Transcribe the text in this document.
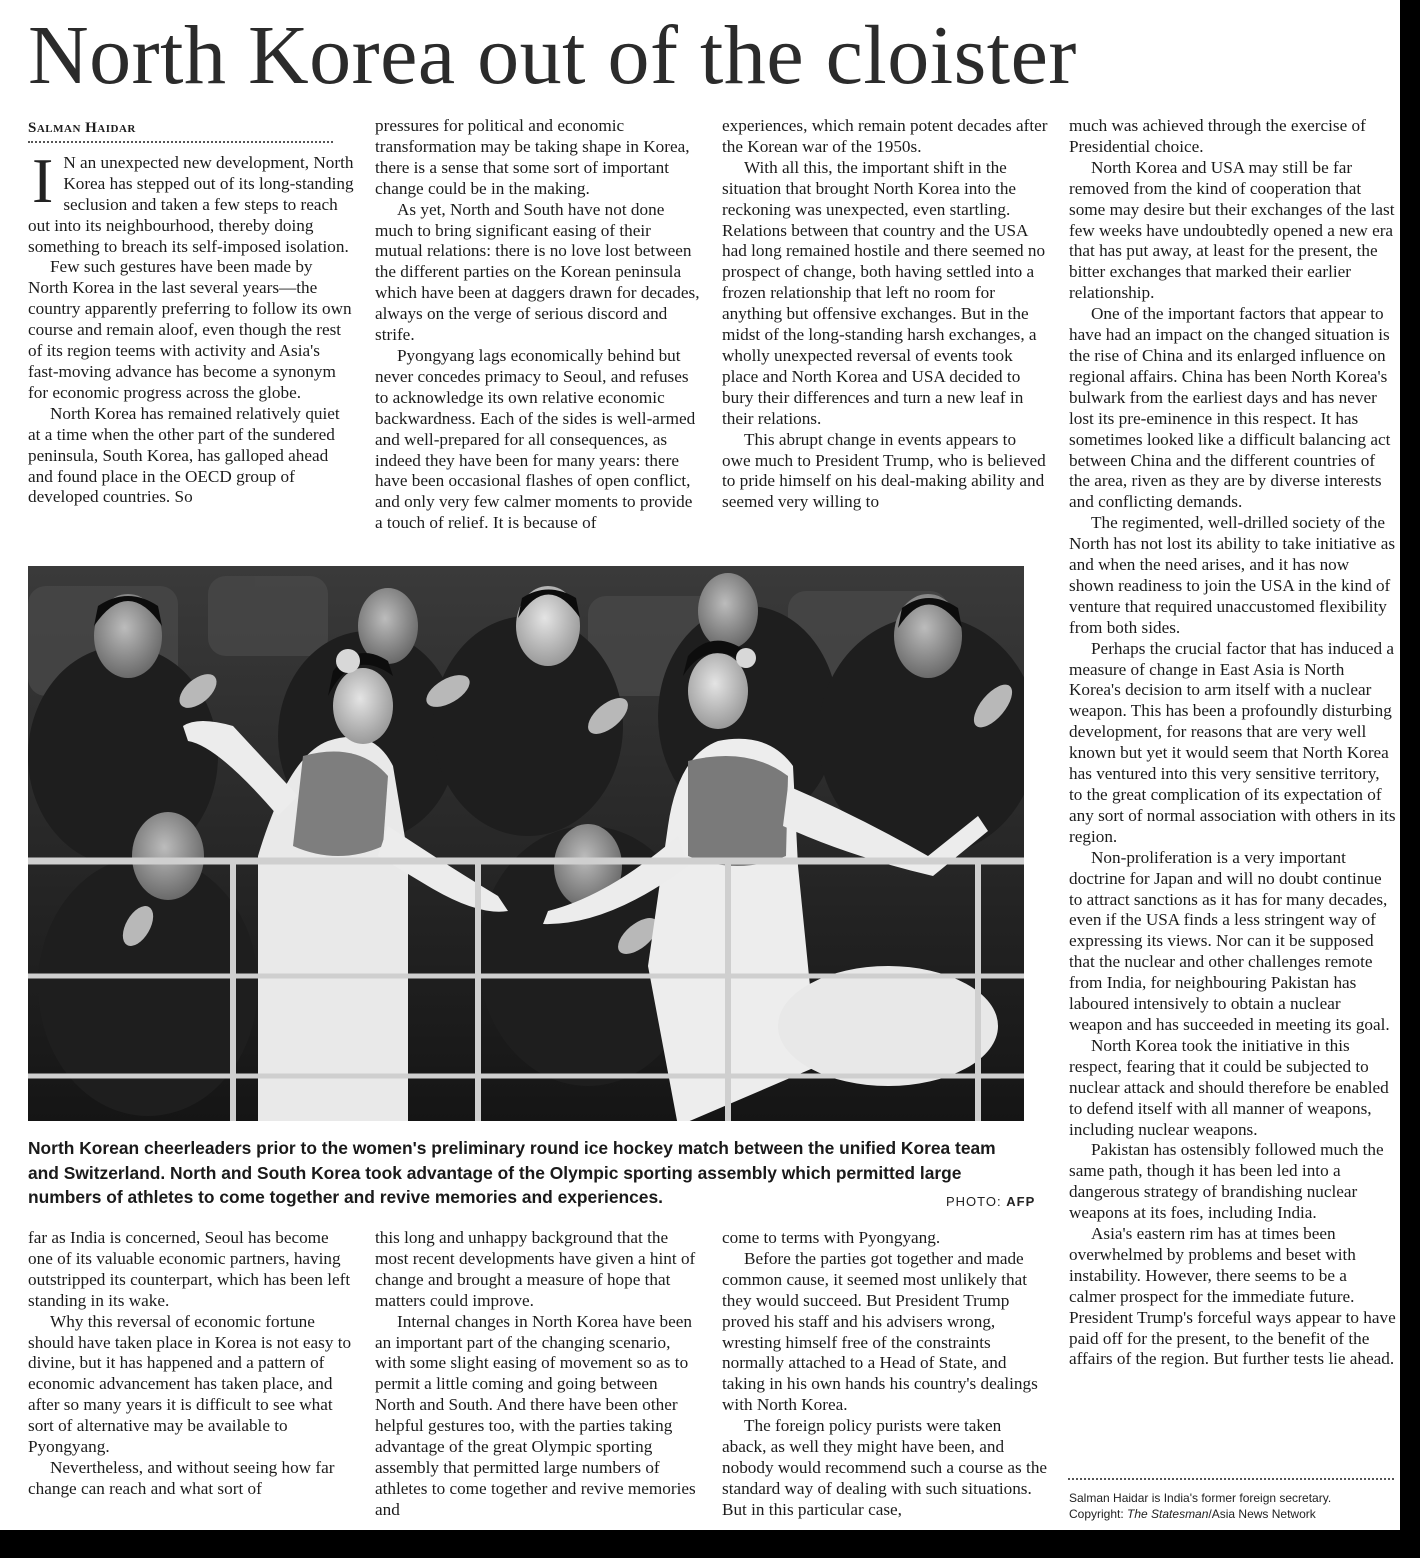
North Korea out of the cloister
Salman Haidar

I N an unexpected new development, North Korea has stepped out of its long-standing seclusion and taken a few steps to reach out into its neighbourhood, thereby doing something to breach its self-imposed isolation.

Few such gestures have been made by North Korea in the last several years—the country apparently preferring to follow its own course and remain aloof, even though the rest of its region teems with activity and Asia's fast-moving advance has become a synonym for economic progress across the globe.

North Korea has remained relatively quiet at a time when the other part of the sundered peninsula, South Korea, has galloped ahead and found place in the OECD group of developed countries. So

pressures for political and economic transformation may be taking shape in Korea, there is a sense that some sort of important change could be in the making.

As yet, North and South have not done much to bring significant easing of their mutual relations: there is no love lost between the different parties on the Korean peninsula which have been at daggers drawn for decades, always on the verge of serious discord and strife.

Pyongyang lags economically behind but never concedes primacy to Seoul, and refuses to acknowledge its own relative economic backwardness. Each of the sides is well-armed and well-prepared for all consequences, as indeed they have been for many years: there have been occasional flashes of open conflict, and only very few calmer moments to provide a touch of relief. It is because of

experiences, which remain potent decades after the Korean war of the 1950s.

With all this, the important shift in the situation that brought North Korea into the reckoning was unexpected, even startling. Relations between that country and the USA had long remained hostile and there seemed no prospect of change, both having settled into a frozen relationship that left no room for anything but offensive exchanges. But in the midst of the long-standing harsh exchanges, a wholly unexpected reversal of events took place and North Korea and USA decided to bury their differences and turn a new leaf in their relations.

This abrupt change in events appears to owe much to President Trump, who is believed to pride himself on his deal-making ability and seemed very willing to

much was achieved through the exercise of Presidential choice.

North Korea and USA may still be far removed from the kind of cooperation that some may desire but their exchanges of the last few weeks have undoubtedly opened a new era that has put away, at least for the present, the bitter exchanges that marked their earlier relationship.

One of the important factors that appear to have had an impact on the changed situation is the rise of China and its enlarged influence on regional affairs. China has been North Korea's bulwark from the earliest days and has never lost its pre-eminence in this respect. It has sometimes looked like a difficult balancing act between China and the different countries of the area, riven as they are by diverse interests and conflicting demands.

The regimented, well-drilled society of the North has not lost its ability to take initiative as and when the need arises, and it has now shown readiness to join the USA in the kind of venture that required unaccustomed flexibility from both sides.

Perhaps the crucial factor that has induced a measure of change in East Asia is North Korea's decision to arm itself with a nuclear weapon. This has been a profoundly disturbing development, for reasons that are very well known but yet it would seem that North Korea has ventured into this very sensitive territory, to the great complication of its expectation of any sort of normal association with others in its region.

Non-proliferation is a very important doctrine for Japan and will no doubt continue to attract sanctions as it has for many decades, even if the USA finds a less stringent way of expressing its views. Nor can it be supposed that the nuclear and other challenges remote from India, for neighbouring Pakistan has laboured intensively to obtain a nuclear weapon and has succeeded in meeting its goal.

North Korea took the initiative in this respect, fearing that it could be subjected to nuclear attack and should therefore be enabled to defend itself with all manner of weapons, including nuclear weapons.

Pakistan has ostensibly followed much the same path, though it has been led into a dangerous strategy of brandishing nuclear weapons at its foes, including India.

Asia's eastern rim has at times been overwhelmed by problems and beset with instability. However, there seems to be a calmer prospect for the immediate future. President Trump's forceful ways appear to have paid off for the present, to the benefit of the affairs of the region. But further tests lie ahead.

North Korean cheerleaders prior to the women's preliminary round ice hockey match between the unified Korea team and Switzerland. North and South Korea took advantage of the Olympic sporting assembly which permitted large numbers of athletes to come together and revive memories and experiences.	PHOTO: AFP

far as India is concerned, Seoul has become one of its valuable economic partners, having outstripped its counterpart, which has been left standing in its wake.

Why this reversal of economic fortune should have taken place in Korea is not easy to divine, but it has happened and a pattern of economic advancement has taken place, and after so many years it is difficult to see what sort of alternative may be available to Pyongyang.

Nevertheless, and without seeing how far change can reach and what sort of

this long and unhappy background that the most recent developments have given a hint of change and brought a measure of hope that matters could improve.

Internal changes in North Korea have been an important part of the changing scenario, with some slight easing of movement so as to permit a little coming and going between North and South. And there have been other helpful gestures too, with the parties taking advantage of the great Olympic sporting assembly that permitted large numbers of athletes to come together and revive memories and

come to terms with Pyongyang.

Before the parties got together and made common cause, it seemed most unlikely that they would succeed. But President Trump proved his staff and his advisers wrong, wresting himself free of the constraints normally attached to a Head of State, and taking in his own hands his country's dealings with North Korea.

The foreign policy purists were taken aback, as well they might have been, and nobody would recommend such a course as the standard way of dealing with such situations. But in this particular case,

Salman Haidar is India's former foreign secretary.
Copyright: The Statesman/Asia News Network
